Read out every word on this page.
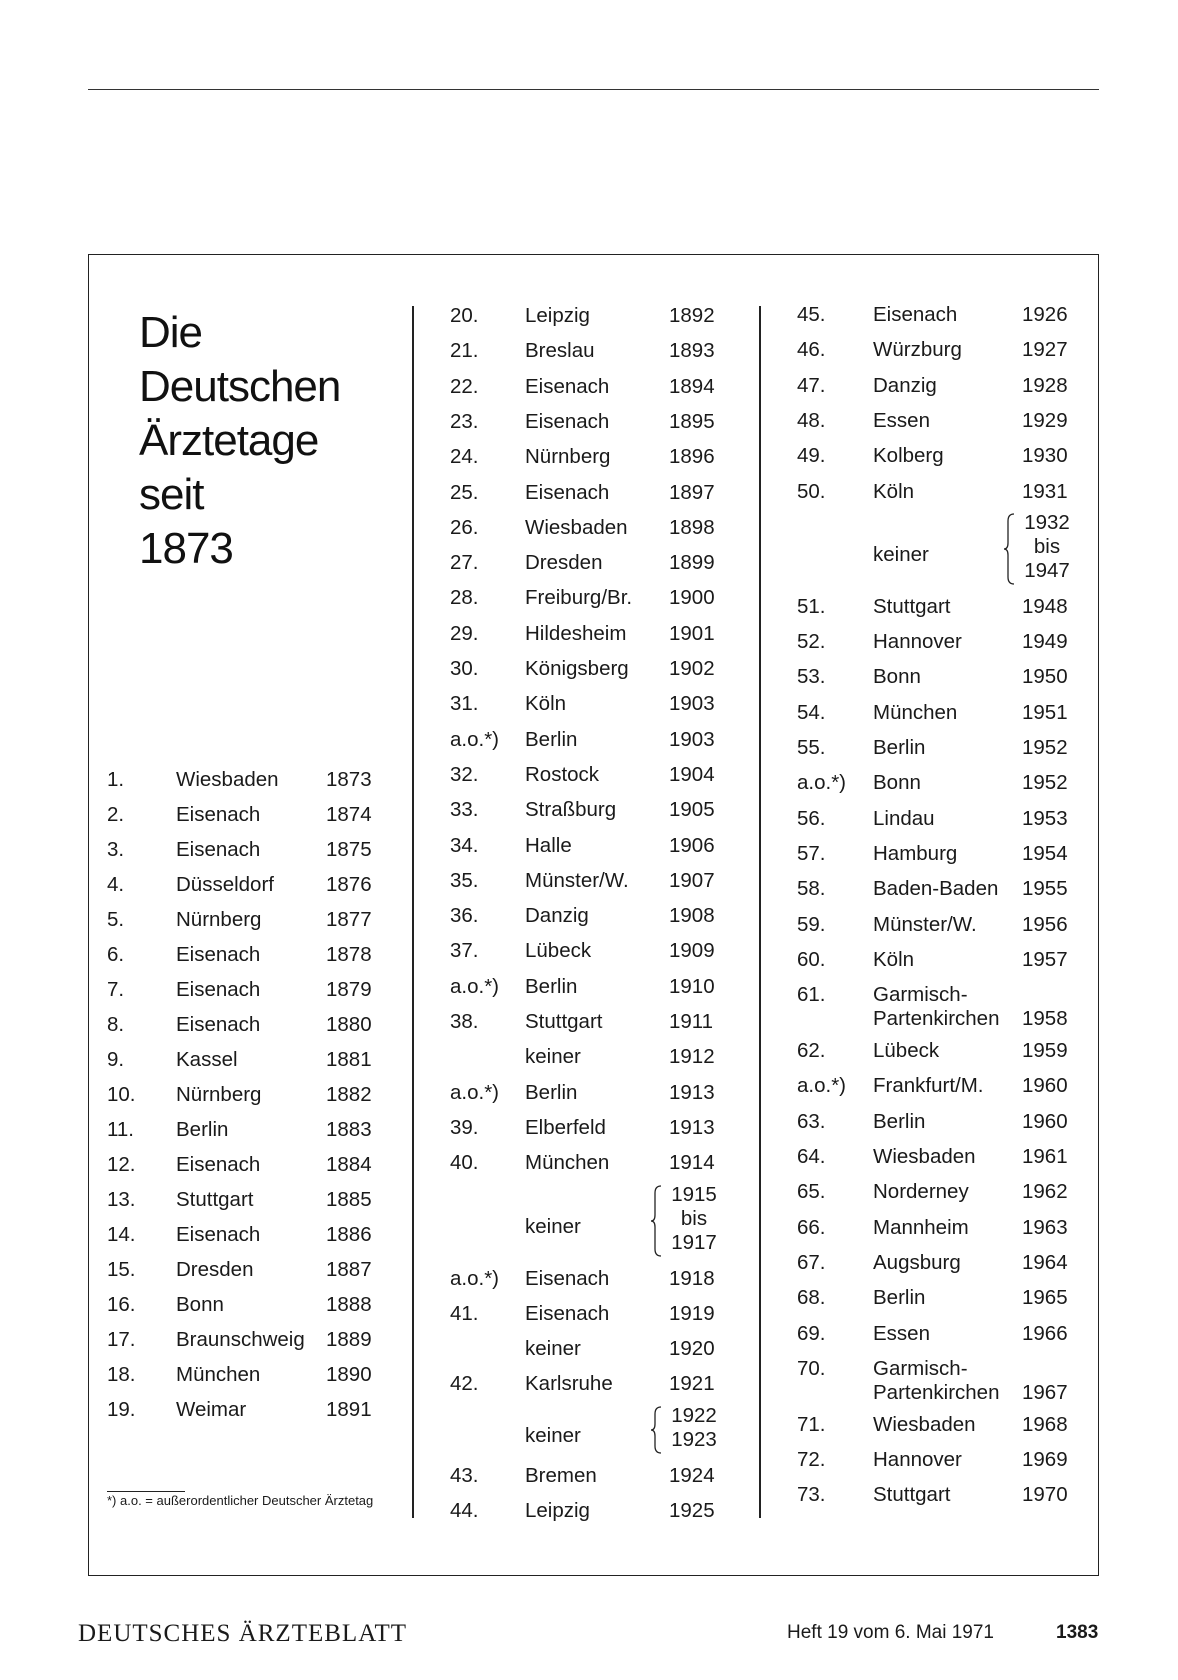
Die
Deutschen
Ärztetage
seit
1873
1.	Wiesbaden 1873
2.	Eisenach	1874
3.	Eisenach	1875
4.	Düsseldorf	1876
5.	Nürnberg	1877
6.	Eisenach	1878
7.	Eisenach	1879
8.	Eisenach	1880
9.	Kassel	1881
10. Nürnberg	1882
11. Berlin	1883
12. Eisenach	1884
13. Stuttgart	1885
14. Eisenach	1886
15. Dresden	1887
16. Bonn	1888
17. Braunschweig 1889
18. München	1890
19. Weimar	1891
20. Leipzig	1892
21. Breslau	1893
22. Eisenach	1894
23. Eisenach	1895
24. Nürnberg	1896
25. Eisenach	1897
26. Wiesbaden 1898
27. Dresden	1899
28. Freiburg/Br. 1900
29. Hildesheim 1901
30. Königsberg 1902
31. Köln	1903
a.o.*) Berlin	1903
32. Rostock	1904
33. Straßburg	1905
34. Halle	1906
35. Münster/W. 1907
36. Danzig	1908
37. Lübeck	1909
a.o.*) Berlin	1910
38. Stuttgart	1911
keiner	1912
a.o.*) Berlin	1913
39. Elberfeld	1913
40. München	1914
keiner
1915
bis
1917
a.o.*) Eisenach	1918
41. Eisenach	1919
keiner	1920
42. Karlsruhe	1921
keiner
1922
1923
43. Bremen	1924
44. Leipzig	1925
45. Eisenach	1926
46. Würzburg	1927
47. Danzig	1928
48. Essen	1929
49. Kolberg	1930
50. Köln	1931
keiner
1932
bis
1947
51. Stuttgart	1948
52. Hannover	1949
53. Bonn	1950
54. München	1951
55. Berlin	1952
a.o.*) Bonn	1952
56. Lindau	1953
57. Hamburg	1954
58. Baden-Baden 1955
59. Münster/W. 1956
60. Köln	1957
61. Garmisch-
Partenkirchen 1958
62. Lübeck	1959
a.o.*) Frankfurt/M. 1960
63. Berlin	1960
64. Wiesbaden 1961
65. Norderney	1962
66. Mannheim	1963
67. Augsburg	1964
68. Berlin	1965
69. Essen	1966
70. Garmisch-
Partenkirchen 1967
71. Wiesbaden 1968
72. Hannover	1969
73. Stuttgart	1970
*) a.o. = außerordentlicher Deutscher Ärztetag
DEUTSCHES ÄRZTEBLATT	Heft 19 vom 6. Mai 1971	1383
